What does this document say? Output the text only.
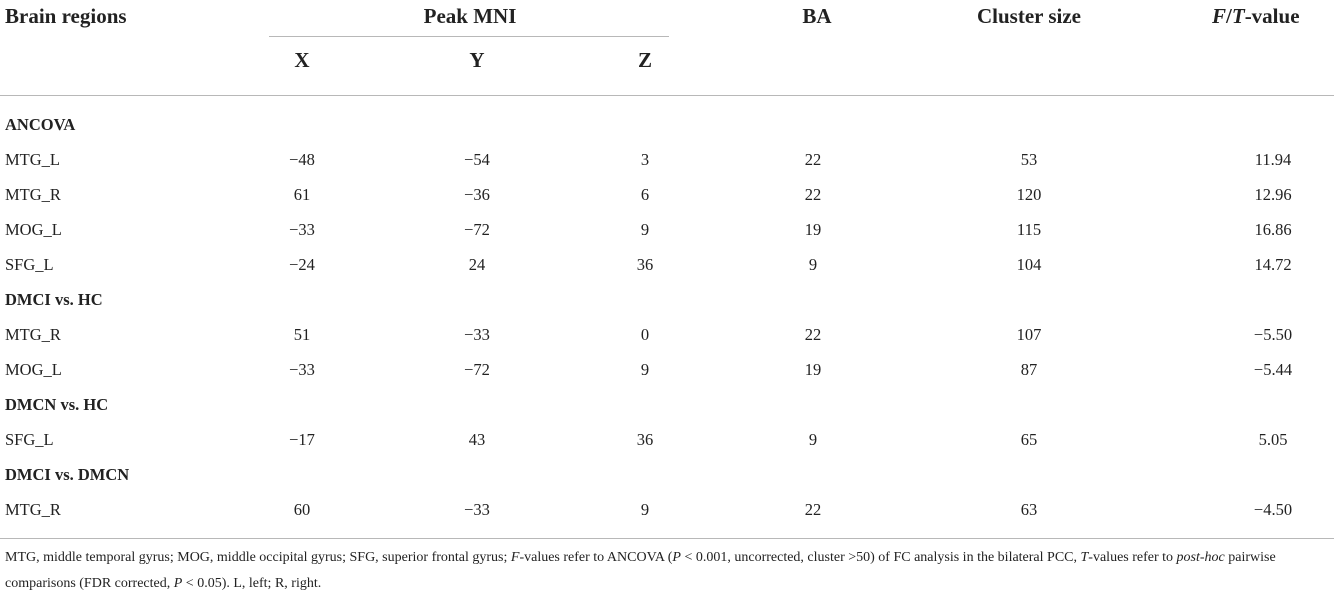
Brain regions	Peak MNI	BA	Cluster size	F/T-value
X	Y	Z
ANCOVA
MTG_L	−48	−54	3	22	53	11.94
MTG_R	61	−36	6	22	120	12.96
MOG_L	−33	−72	9	19	115	16.86
SFG_L	−24	24	36	9	104	14.72
DMCI vs. HC
MTG_R	51	−33	0	22	107	−5.50
MOG_L	−33	−72	9	19	87	−5.44
DMCN vs. HC
SFG_L	−17	43	36	9	65	5.05
DMCI vs. DMCN
MTG_R	60	−33	9	22	63	−4.50

MTG, middle temporal gyrus; MOG, middle occipital gyrus; SFG, superior frontal gyrus; F-values refer to ANCOVA (P < 0.001, uncorrected, cluster >50) of FC analysis in the bilateral PCC, T-values refer to post-hoc pairwise comparisons (FDR corrected, P < 0.05). L, left; R, right.
